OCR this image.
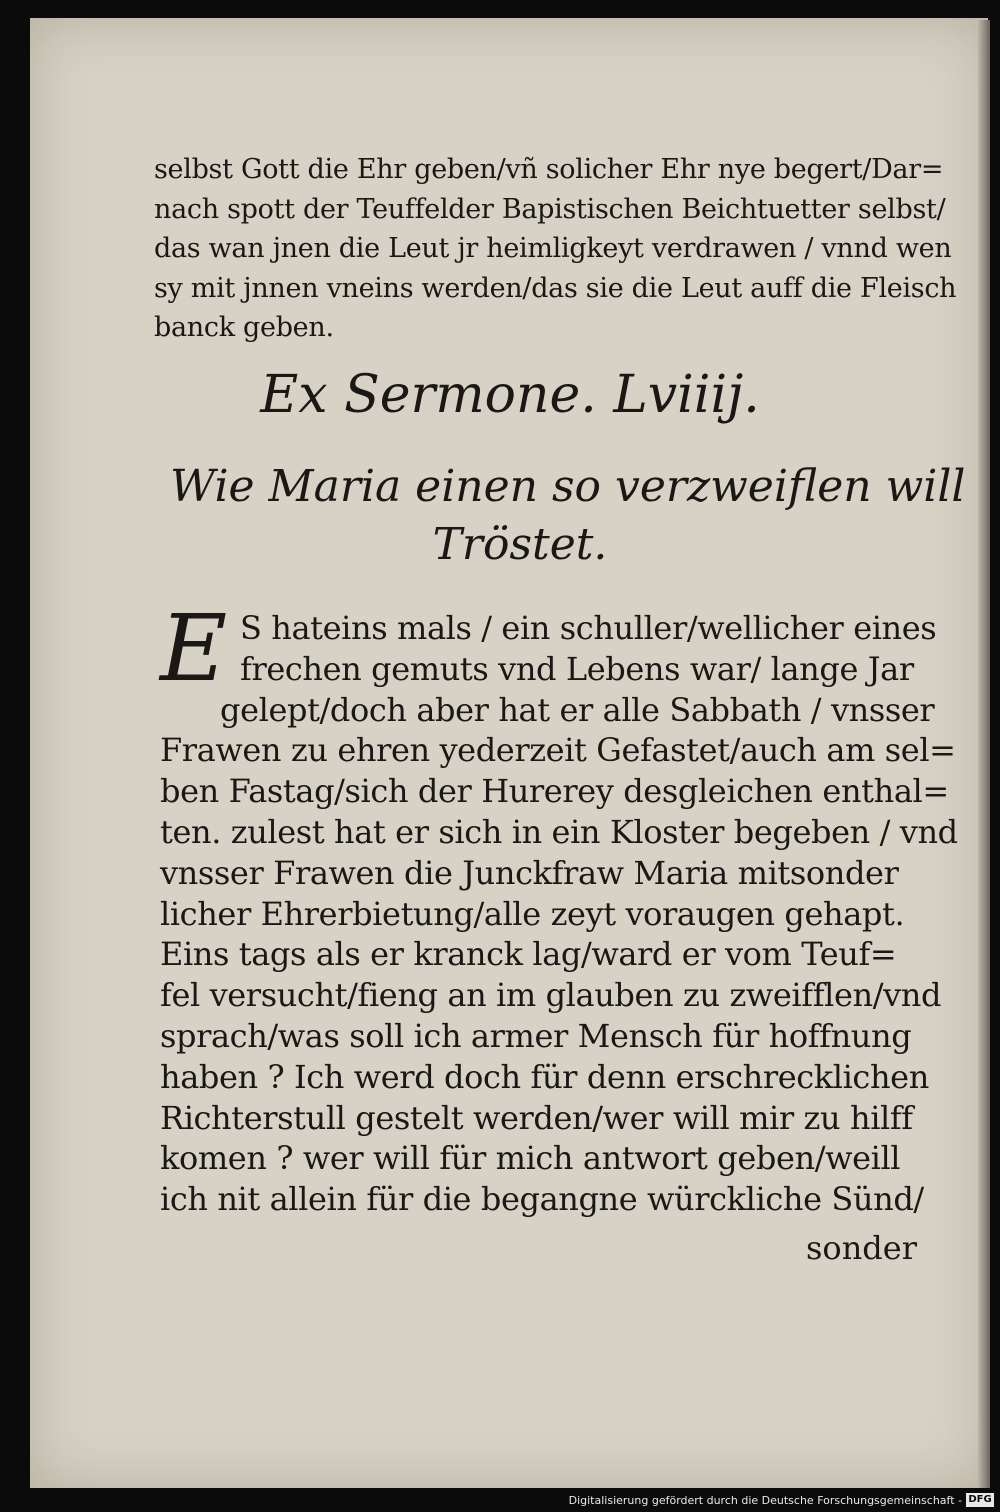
selbst Gott die Ehr geben/vñ solicher Ehr nye begert/Dar=
nach spott der Teuffelder Bapistischen Beichtuetter selbst/
das wan jnen die Leut jr heimligkeyt verdrawen / vnnd wen
sy mit jnnen vneins werden/das sie die Leut auff die Fleisch
banck geben.
Ex Sermone. Lviiij.
Wie Maria einen so verzweiflen will
Tröstet.
E S hateins mals / ein schuller/wellicher eines
frechen gemuts vnd Lebens war/ lange Jar
gelept/doch aber hat er alle Sabbath / vnsser
Frawen zu ehren yederzeit Gefastet/auch am sel=
ben Fastag/sich der Hurerey desgleichen enthal=
ten. zulest hat er sich in ein Kloster begeben / vnd
vnsser Frawen die Junckfraw Maria mitsonder
licher Ehrerbietung/alle zeyt voraugen gehapt.
Eins tags als er kranck lag/ward er vom Teuf=
fel versucht/fieng an im glauben zu zweifflen/vnd
sprach/was soll ich armer Mensch für hoffnung
haben ? Ich werd doch für denn erschrecklichen
Richterstull gestelt werden/wer will mir zu hilff
komen ? wer will für mich antwort geben/weill
ich nit allein für die begangne würckliche Sünd/
sonder
Digitalisierung gefördert durch die Deutsche Forschungsgemeinschaft - DFG
